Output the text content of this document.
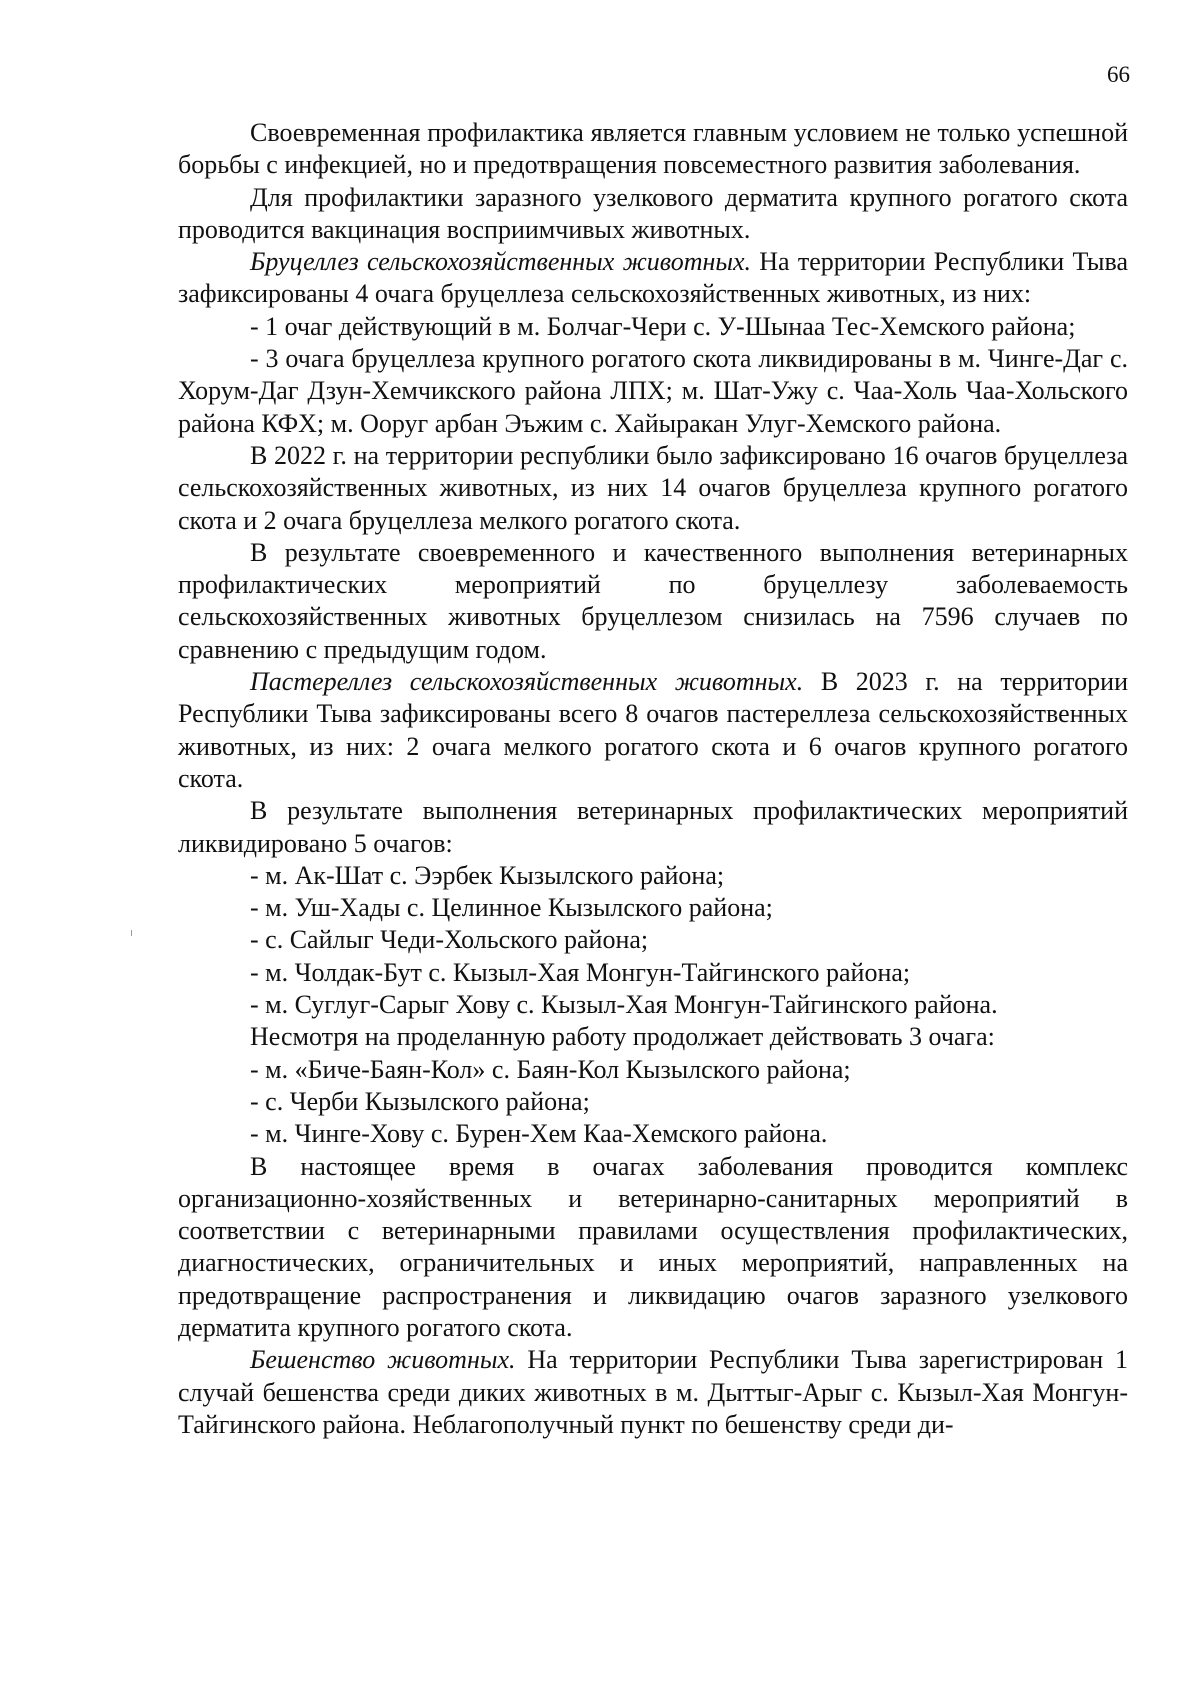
66

Своевременная профилактика является главным условием не только успешной борьбы с инфекцией, но и предотвращения повсеместного развития заболевания.

Для профилактики заразного узелкового дерматита крупного рогатого скота проводится вакцинация восприимчивых животных.

Бруцеллез сельскохозяйственных животных. На территории Республики Тыва зафиксированы 4 очага бруцеллеза сельскохозяйственных животных, из них:

- 1 очаг действующий в м. Болчаг-Чери с. У-Шынаа Тес-Хемского района;

- 3 очага бруцеллеза крупного рогатого скота ликвидированы в м. Чинге-Даг с. Хорум-Даг Дзун-Хемчикского района ЛПХ; м. Шат-Ужу с. Чаа-Холь Чаа-Хольского района КФХ; м. Ооруг арбан Эъжим с. Хайыракан Улуг-Хемского района.

В 2022 г. на территории республики было зафиксировано 16 очагов бруцеллеза сельскохозяйственных животных, из них 14 очагов бруцеллеза крупного рогатого скота и 2 очага бруцеллеза мелкого рогатого скота.

В результате своевременного и качественного выполнения ветеринарных профилактических мероприятий по бруцеллезу заболеваемость сельскохозяйственных животных бруцеллезом снизилась на 7596 случаев по сравнению с предыдущим годом.

Пастереллез сельскохозяйственных животных. В 2023 г. на территории Республики Тыва зафиксированы всего 8 очагов пастереллеза сельскохозяйственных животных, из них: 2 очага мелкого рогатого скота и 6 очагов крупного рогатого скота.

В результате выполнения ветеринарных профилактических мероприятий ликвидировано 5 очагов:

- м. Ак-Шат с. Ээрбек Кызылского района;
- м. Уш-Хады с. Целинное Кызылского района;
- с. Сайлыг Чеди-Хольского района;
- м. Чолдак-Бут с. Кызыл-Хая Монгун-Тайгинского района;
- м. Суглуг-Сарыг Хову с. Кызыл-Хая Монгун-Тайгинского района.
Несмотря на проделанную работу продолжает действовать 3 очага:
- м. «Биче-Баян-Кол» с. Баян-Кол Кызылского района;
- с. Черби Кызылского района;
- м. Чинге-Хову с. Бурен-Хем Каа-Хемского района.

В настоящее время в очагах заболевания проводится комплекс организационно-хозяйственных и ветеринарно-санитарных мероприятий в соответствии с ветеринарными правилами осуществления профилактических, диагностических, ограничительных и иных мероприятий, направленных на предотвращение распространения и ликвидацию очагов заразного узелкового дерматита крупного рогатого скота.

Бешенство животных. На территории Республики Тыва зарегистрирован 1 случай бешенства среди диких животных в м. Дыттыг-Арыг с. Кызыл-Хая Монгун-Тайгинского района. Неблагополучный пункт по бешенству среди ди-
